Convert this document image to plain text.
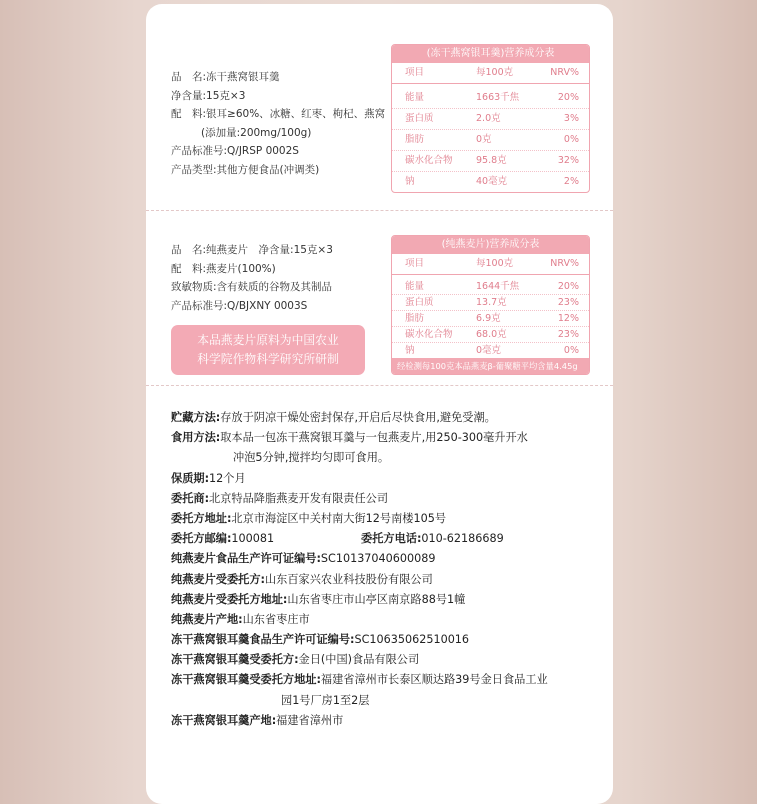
品　名:冻干燕窝银耳羹
净含量:15克×3
配　料:银耳≥60%、冰糖、红枣、枸杞、燕窝
(添加量:200mg/100g)
产品标准号:Q/JRSP 0002S
产品类型:其他方便食品(冲调类)
(冻干燕窝银耳羹)营养成分表
项目	每100克	NRV%
能量	1663千焦	20%
蛋白质	2.0克	3%
脂肪	0克	0%
碳水化合物 95.8克	32%
钠	40毫克	2%
品　名:纯燕麦片　净含量:15克×3
配　料:燕麦片(100%)
致敏物质:含有麸质的谷物及其制品
产品标准号:Q/BJXNY 0003S
本品燕麦片原料为中国农业
科学院作物科学研究所研制
(纯燕麦片)营养成分表
项目	每100克	NRV%
能量	1644千焦	20%
蛋白质	13.7克	23%
脂肪	6.9克	12%
碳水化合物 68.0克	23%
钠	0毫克	0%
经检测每100克本品燕麦β-葡聚糖平均含量4.45g
贮藏方法:存放于阴凉干燥处密封保存,开启后尽快食用,避免受潮。
食用方法:取本品一包冻干燕窝银耳羹与一包燕麦片,用250-300毫升开水
冲泡5分钟,搅拌均匀即可食用。
保质期:12个月
委托商:北京特品降脂燕麦开发有限责任公司
委托方地址:北京市海淀区中关村南大街12号南楼105号
委托方邮编:100081	委托方电话:010-62186689
纯燕麦片食品生产许可证编号:SC10137040600089
纯燕麦片受委托方:山东百家兴农业科技股份有限公司
纯燕麦片受委托方地址:山东省枣庄市山亭区南京路88号1幢
纯燕麦片产地:山东省枣庄市
冻干燕窝银耳羹食品生产许可证编号:SC10635062510016
冻干燕窝银耳羹受委托方:金日(中国)食品有限公司
冻干燕窝银耳羹受委托方地址:福建省漳州市长泰区顺达路39号金日食品工业
园1号厂房1至2层
冻干燕窝银耳羹产地:福建省漳州市
